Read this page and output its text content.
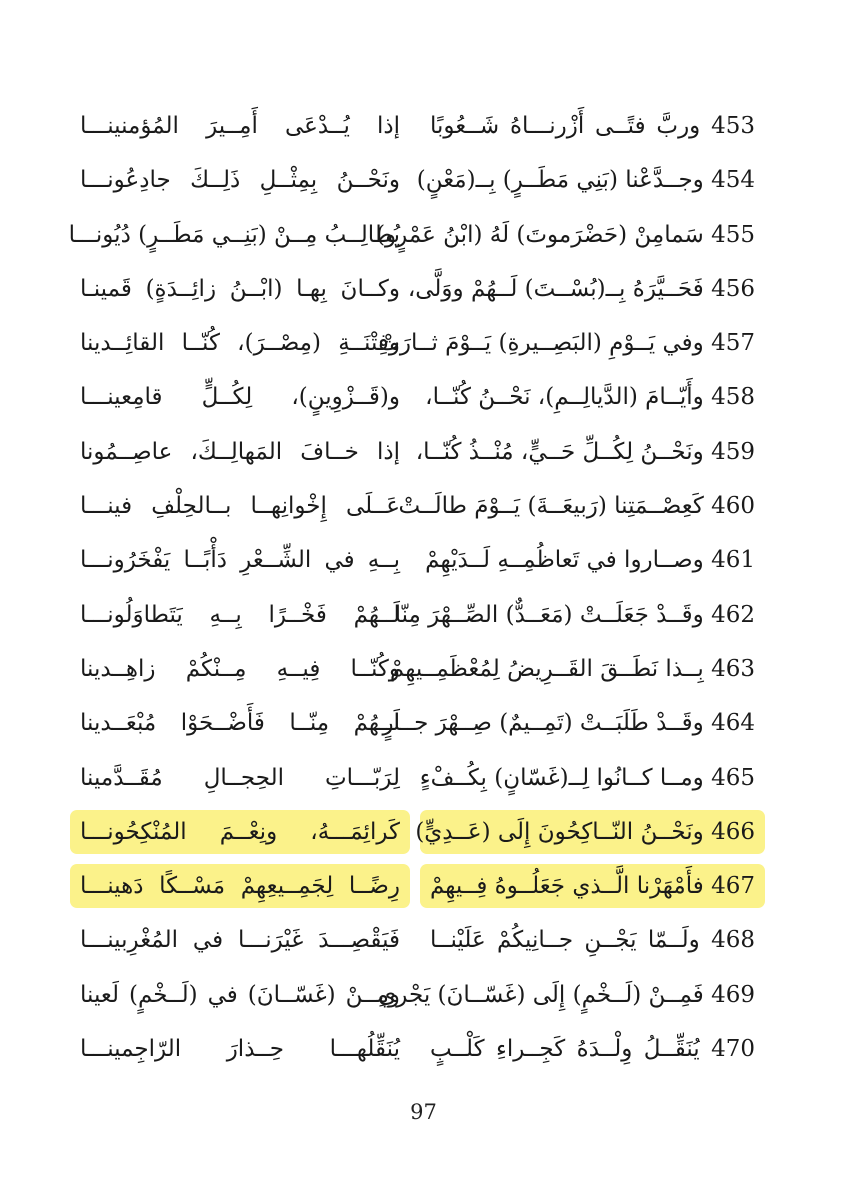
453 وربَّ فتًــى أَزْرنـــاهُ شَــعُوبًا
إذا يُــدْعَى أَمِــيرَ المُؤمنينـــا
454 وجــدَّعْنا (بَنِي مَطَــرٍ) بِــ(مَعْنٍ)
ونَحْــنُ بِمِثْــلِ ذَلِــكَ جادِعُونـــا
455 سَمامِنْ (حَضْرَموتَ) لَهُ (ابْنُ عَمْرٍو)
يُطالِــبُ مِــنْ (بَنِــي مَطَــرٍ) دُيُونـــا
456 فَحَــيَّرَهُ بِــ(بُسْــتَ) لَــهُمْ ووَلَّى،
وكــانَ بِهـا (ابْــنُ زائِــدَةٍ) قَمينـا
457 وفي يَــوْمِ (البَصِــيرةِ) يَــوْمَ ثــارَتْ
وفِتْنَــةِ (مِصْــرَ)، كُنّــا القائِــدينا
458 وأَيّــامَ (الدَّيالِــمِ)، نَحْــنُ كُنّــا،
و(قَــزْوِينٍ)، لِكُــلٍّ قامِعينـــا
459 ونَحْــنُ لِكُــلِّ حَــيٍّ، مُنْــذُ كُنّــا،
إذا خــافَ المَهالِــكَ، عاصِــمُونا
460 كَعِصْــمَتِنا (رَبيعَــةَ) يَــوْمَ طالَــتْ
عَــلَى إِخْوانِهــا بــالحِلْفِ فينـــا
461 وصــاروا في تَعاظُمِــهِ لَــدَيْهِمْ
بِــهِ في الشِّــعْرِ دَأْبًــا يَفْخَرُونـــا
462 وقَــدْ جَعَلَــتْ (مَعَــدٌّ) الصِّــهْرَ مِنّا
لَــهُمْ فَخْــرًا بِــهِ يَتَطاوَلُونـــا
463 بِــذا نَطَــقَ القَــرِيضُ لِمُعْظَمِــيهِمْ
وكُنّــا فِيــهِ مِــنْكُمْ زاهِــدينا
464 وقَــدْ طَلَبَــتْ (تَمِــيمٌ) صِــهْرَ جــارٍ
لَــهُمْ مِنّــا فَأَضْــحَوْا مُبْعَــدينا
465 ومــا كــانُوا لِــ(غَسّانٍ) بِكُــفْءٍ
لِرَبّـــاتِ الحِجــالِ مُقَــدَّمينا
466 ونَحْــنُ النّــاكِحُونَ إِلَى (عَــدِيٍّ)
كَرائِمَـــهُ، ونِعْــمَ المُنْكِحُونـــا
467 فأَمْهَرْنا الَّــذي جَعَلُــوهُ فِــيهِمْ
رِضًــا لِجَمِــيعِهِمْ مَسْــكًا دَهينـــا
468 ولَــمّا يَجْــنِ جــانِيكُمْ عَلَيْنــا
فَيَقْصِـــدَ غَيْرَنـــا في المُغْرِبينـــا
469 فَمِــنْ (لَــخْمٍ) إِلَى (غَسّــانَ) يَجْري
ومِــنْ (غَسّــانَ) في (لَــخْمٍ) لَعينا
470 يُنَقِّــلُ وِلْــدَهُ كَجِــراءِ كَلْــبٍ
يُنَقِّلُهـــا حِــذارَ الرّاجِمينـــا
97
